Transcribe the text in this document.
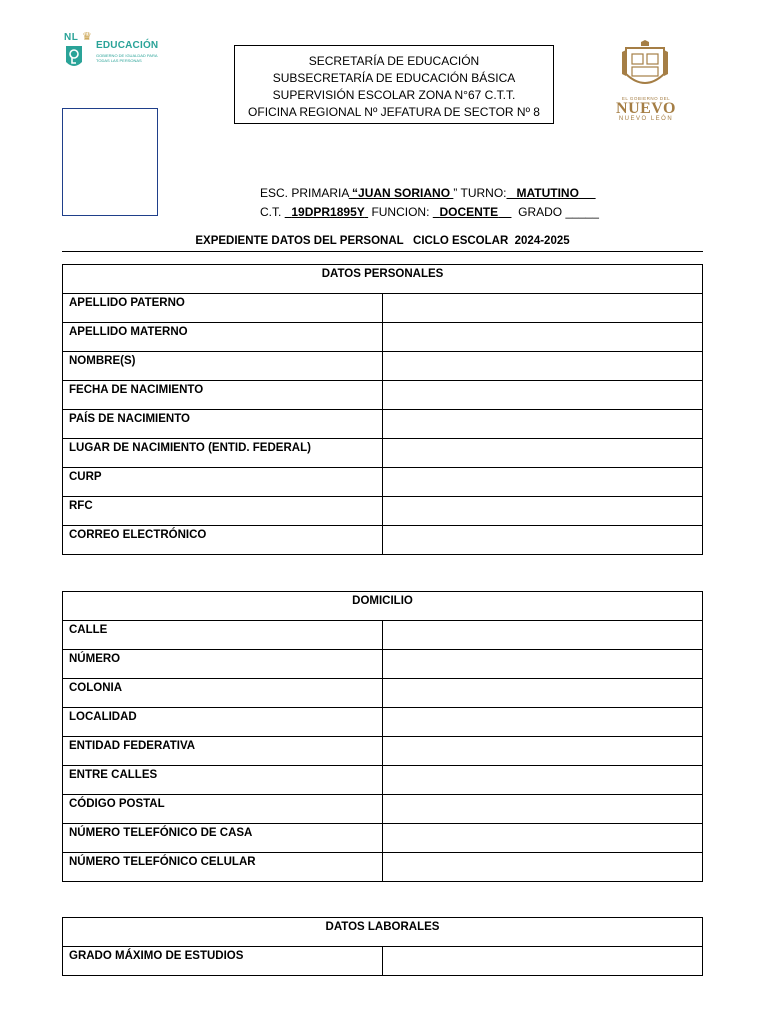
NL ♛
EDUCACIÓN
GOBIERNO DE IGUALDAD PARA TODAS LAS PERSONAS	SECRETARÍA DE EDUCACIÓN
SUBSECRETARÍA DE EDUCACIÓN BÁSICA
SUPERVISIÓN ESCOLAR ZONA N°67 C.T.T.
OFICINA REGIONAL Nº JEFATURA DE SECTOR Nº 8
EL GOBIERNO DEL
NUEVO
NUEVO LEÓN
ESC. PRIMARIA “JUAN SORIANO ” TURNO: MATUTINO
C.T. 19DPR1895Y FUNCION: DOCENTE GRADO _____
EXPEDIENTE DATOS DEL PERSONAL   CICLO ESCOLAR  2024-2025
DATOS PERSONALES	
APELLIDO PATERNO	
APELLIDO MATERNO	
NOMBRE(S)	
FECHA DE NACIMIENTO	
PAÍS DE NACIMIENTO	
LUGAR DE NACIMIENTO (ENTID. FEDERAL)	
CURP	
RFC	
CORREO ELECTRÓNICO	
DOMICILIO	
CALLE	
NÚMERO	
COLONIA	
LOCALIDAD	
ENTIDAD FEDERATIVA	
ENTRE CALLES	
CÓDIGO POSTAL	
NÚMERO TELEFÓNICO DE CASA	
NÚMERO TELEFÓNICO CELULAR	
DATOS LABORALES
GRADO MÁXIMO DE ESTUDIOS	
